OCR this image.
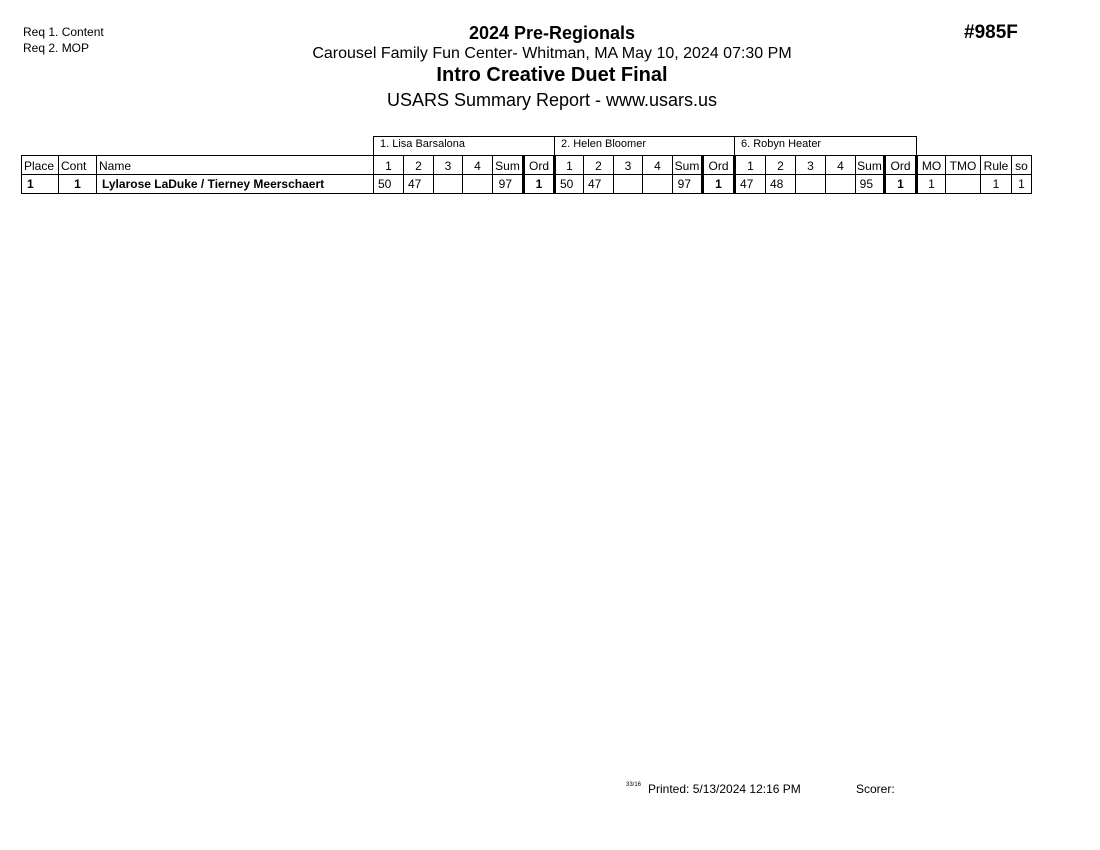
Req 1. Content
Req 2. MOP
#985F
2024 Pre-Regionals
Carousel Family Fun Center- Whitman, MA May 10, 2024 07:30 PM
Intro Creative Duet Final
USARS Summary Report - www.usars.us
			1. Lisa Barsalona						2. Helen Bloomer						6. Robyn Heater									
Place	Cont	Name	1	2	3	4	Sum	Ord	1	2	3	4	Sum	Ord	1	2	3	4	Sum	Ord	MO	TMO	Rule	so
1	1	Lylarose LaDuke / Tierney Meerschaert	50	47			97	1	50	47			97	1	47	48			95	1	1		1	1
33/16 Printed: 5/13/2024 12:16 PM	Scorer:
